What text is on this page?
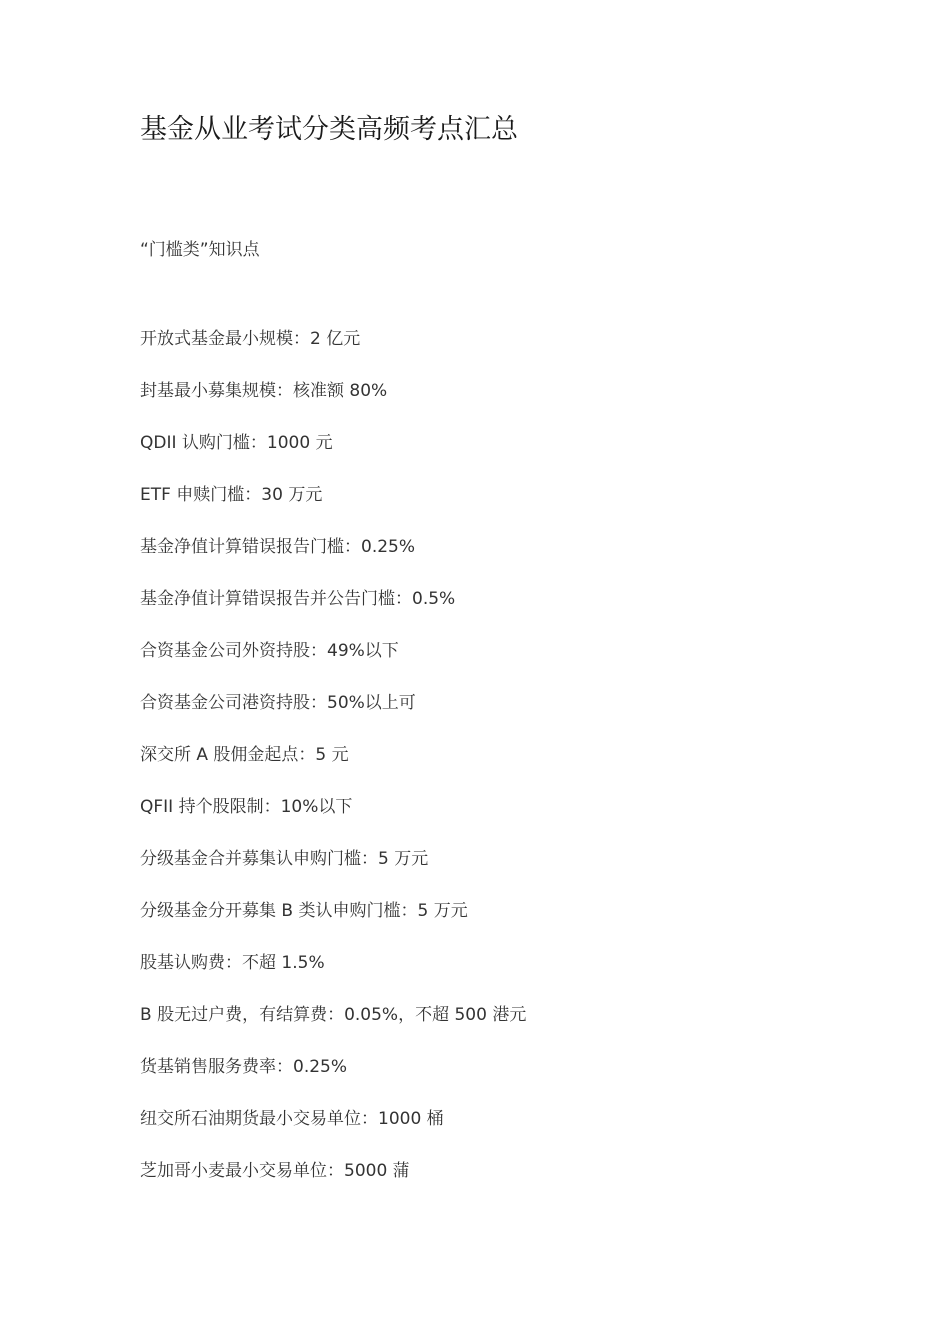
基金从业考试分类高频考点汇总
“门槛类”知识点
开放式基金最小规模：2 亿元
封基最小募集规模：核准额 80%
QDII 认购门槛：1000 元
ETF 申赎门槛：30 万元
基金净值计算错误报告门槛：0.25%
基金净值计算错误报告并公告门槛：0.5%
合资基金公司外资持股：49%以下
合资基金公司港资持股：50%以上可
深交所 A 股佣金起点：5 元
QFII 持个股限制：10%以下
分级基金合并募集认申购门槛：5 万元
分级基金分开募集 B 类认申购门槛：5 万元
股基认购费：不超 1.5%
B 股无过户费，有结算费：0.05%，不超 500 港元
货基销售服务费率：0.25%
纽交所石油期货最小交易单位：1000 桶
芝加哥小麦最小交易单位：5000 蒲
